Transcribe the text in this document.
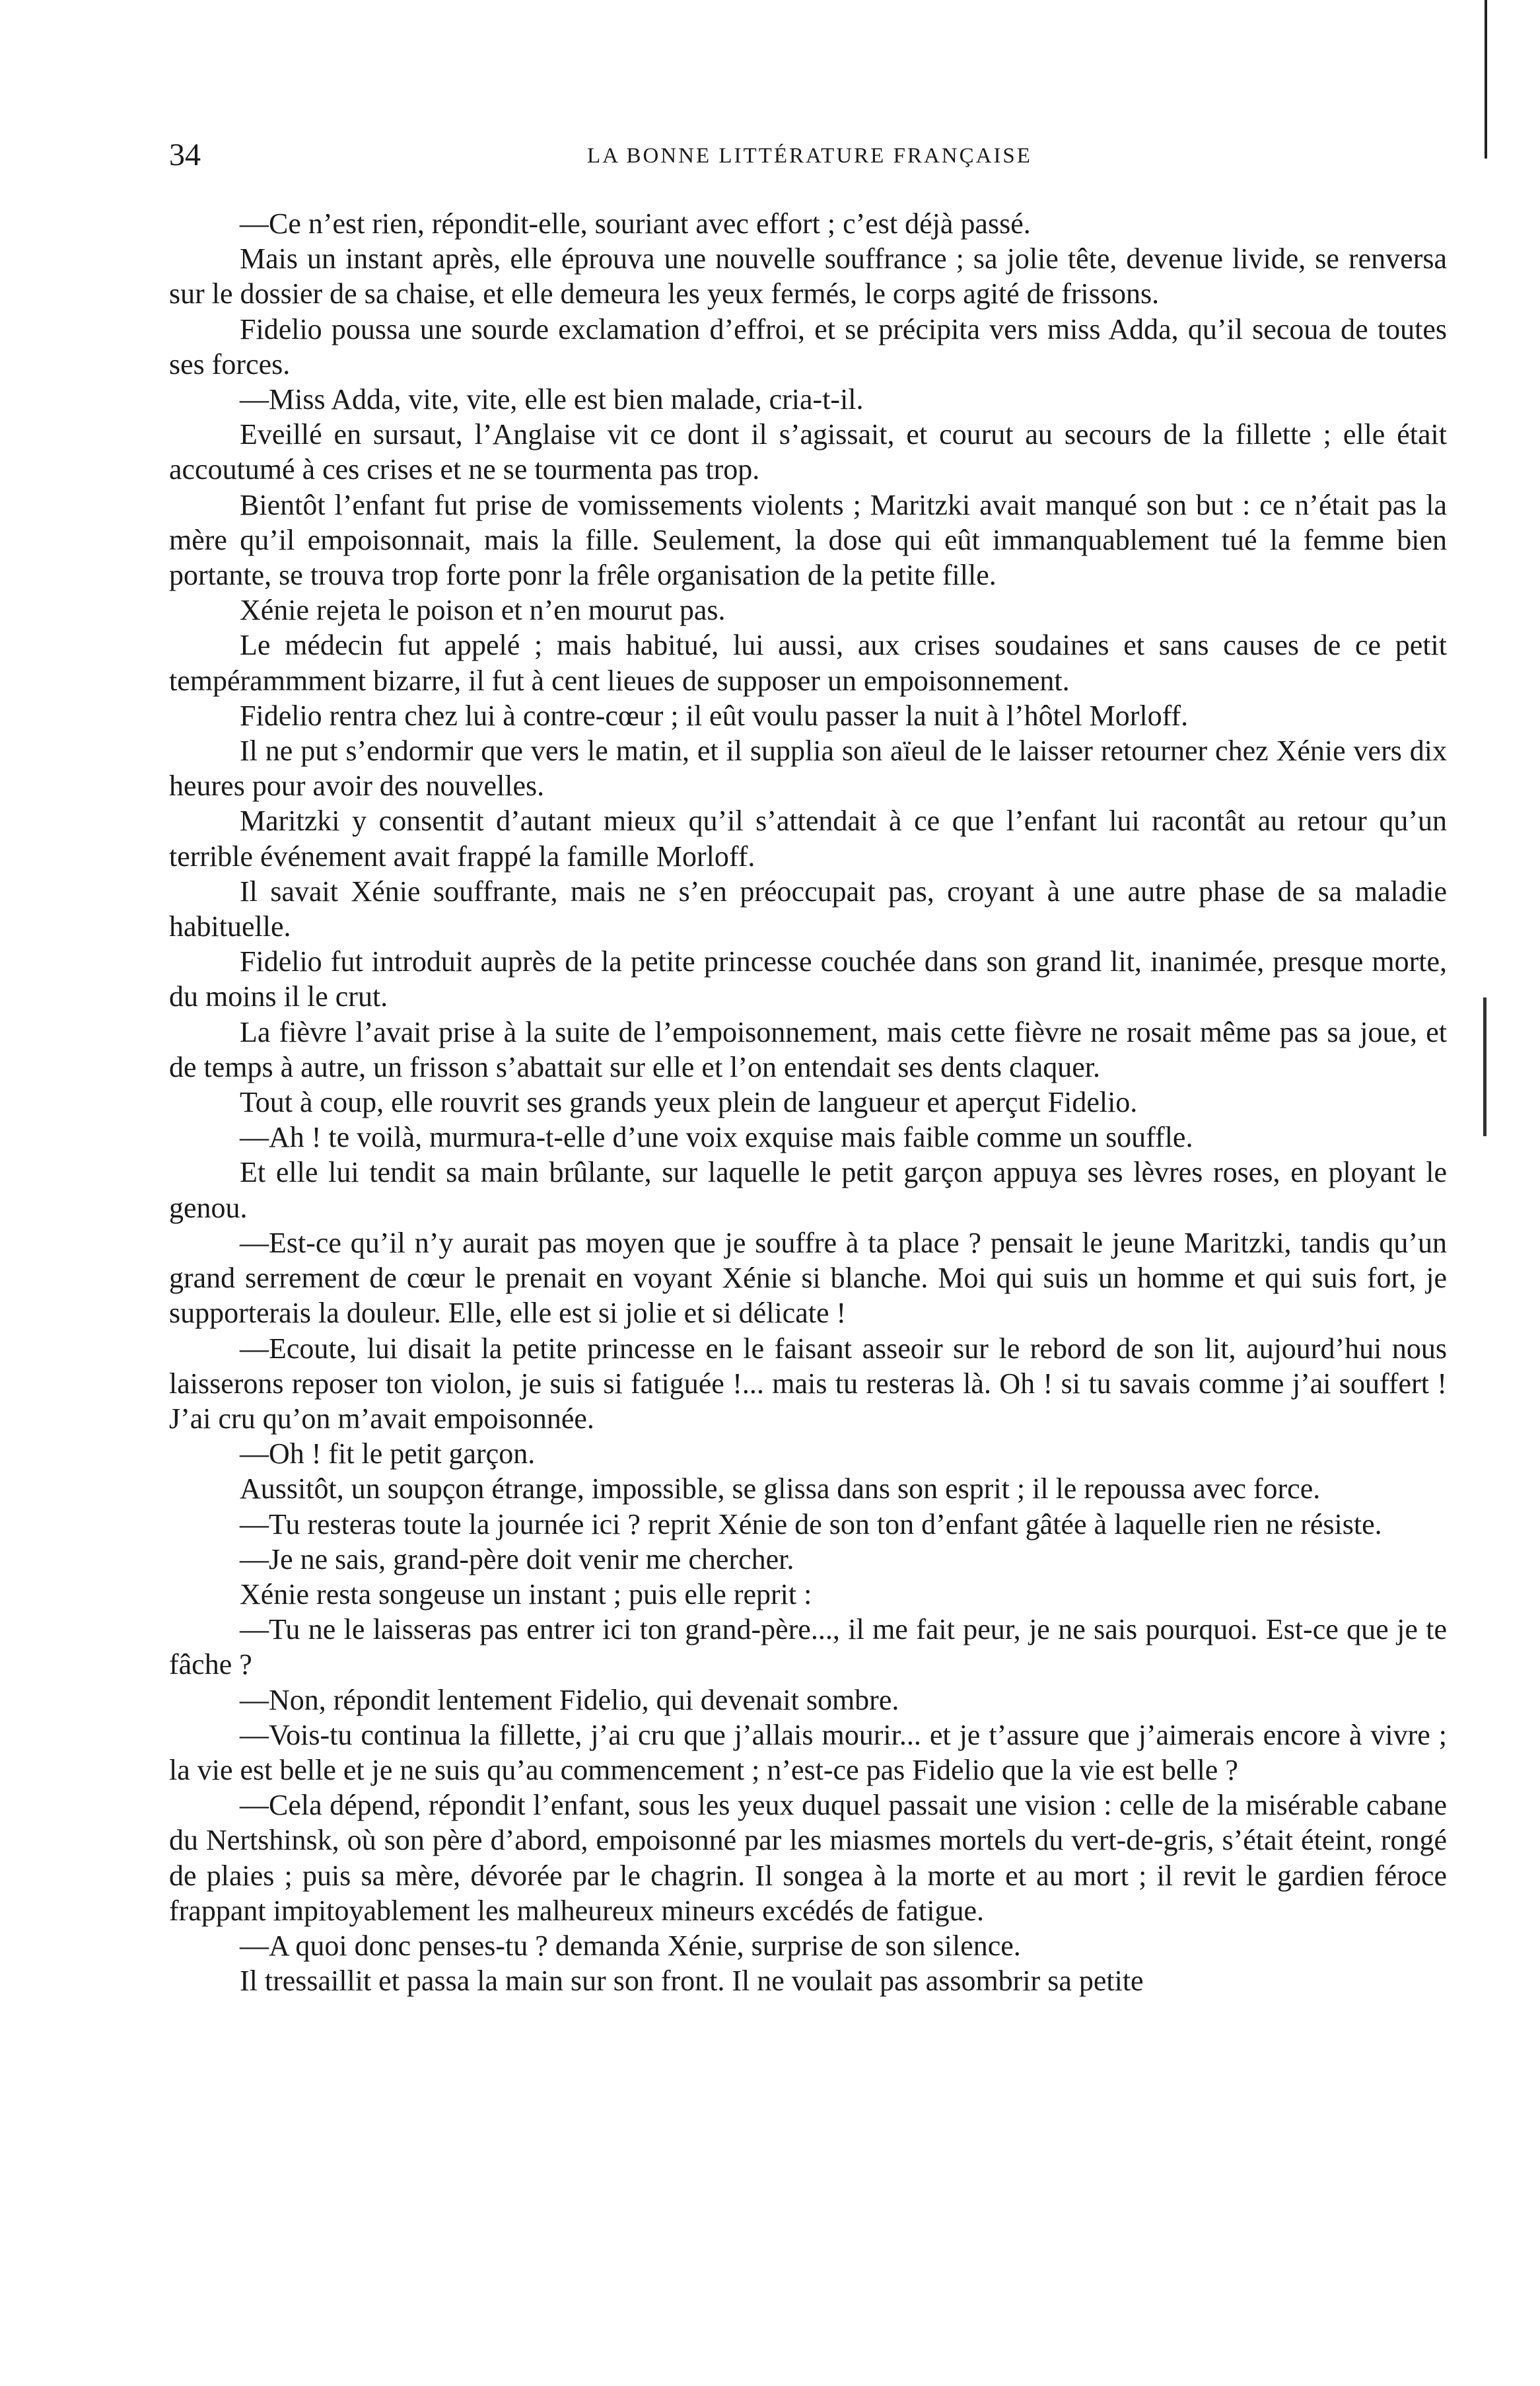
34	LA BONNE LITTÉRATURE FRANÇAISE

—Ce n’est rien, répondit-elle, souriant avec effort ; c’est déjà passé.

Mais un instant après, elle éprouva une nouvelle souffrance ; sa jolie tête, devenue livide, se renversa sur le dossier de sa chaise, et elle demeura les yeux fermés, le corps agité de frissons.

Fidelio poussa une sourde exclamation d’effroi, et se précipita vers miss Adda, qu’il secoua de toutes ses forces.

—Miss Adda, vite, vite, elle est bien malade, cria-t-il.

Eveillé en sursaut, l’Anglaise vit ce dont il s’agissait, et courut au secours de la fillette ; elle était accoutumé à ces crises et ne se tourmenta pas trop.

Bientôt l’enfant fut prise de vomissements violents ; Maritzki avait manqué son but : ce n’était pas la mère qu’il empoisonnait, mais la fille. Seulement, la dose qui eût immanquablement tué la femme bien portante, se trouva trop forte ponr la frêle organisation de la petite fille.

Xénie rejeta le poison et n’en mourut pas.

Le médecin fut appelé ; mais habitué, lui aussi, aux crises soudaines et sans causes de ce petit tempérammment bizarre, il fut à cent lieues de supposer un empoisonnement.

Fidelio rentra chez lui à contre-cœur ; il eût voulu passer la nuit à l’hôtel Morloff.

Il ne put s’endormir que vers le matin, et il supplia son aïeul de le laisser retourner chez Xénie vers dix heures pour avoir des nouvelles.

Maritzki y consentit d’autant mieux qu’il s’attendait à ce que l’enfant lui racontât au retour qu’un terrible événement avait frappé la famille Morloff.

Il savait Xénie souffrante, mais ne s’en préoccupait pas, croyant à une autre phase de sa maladie habituelle.

Fidelio fut introduit auprès de la petite princesse couchée dans son grand lit, inanimée, presque morte, du moins il le crut.

La fièvre l’avait prise à la suite de l’empoisonnement, mais cette fièvre ne rosait même pas sa joue, et de temps à autre, un frisson s’abattait sur elle et l’on entendait ses dents claquer.

Tout à coup, elle rouvrit ses grands yeux plein de langueur et aperçut Fidelio.

—Ah ! te voilà, murmura-t-elle d’une voix exquise mais faible comme un souffle.

Et elle lui tendit sa main brûlante, sur laquelle le petit garçon appuya ses lèvres roses, en ployant le genou.

—Est-ce qu’il n’y aurait pas moyen que je souffre à ta place ? pensait le jeune Maritzki, tandis qu’un grand serrement de cœur le prenait en voyant Xénie si blanche. Moi qui suis un homme et qui suis fort, je supporterais la douleur. Elle, elle est si jolie et si délicate !

—Ecoute, lui disait la petite princesse en le faisant asseoir sur le rebord de son lit, aujourd’hui nous laisserons reposer ton violon, je suis si fatiguée !... mais tu resteras là. Oh ! si tu savais comme j’ai souffert ! J’ai cru qu’on m’avait empoisonnée.

—Oh ! fit le petit garçon.

Aussitôt, un soupçon étrange, impossible, se glissa dans son esprit ; il le repoussa avec force.

—Tu resteras toute la journée ici ? reprit Xénie de son ton d’enfant gâtée à laquelle rien ne résiste.

—Je ne sais, grand-père doit venir me chercher.

Xénie resta songeuse un instant ; puis elle reprit :

—Tu ne le laisseras pas entrer ici ton grand-père..., il me fait peur, je ne sais pourquoi. Est-ce que je te fâche ?

—Non, répondit lentement Fidelio, qui devenait sombre.

—Vois-tu continua la fillette, j’ai cru que j’allais mourir... et je t’assure que j’aimerais encore à vivre ; la vie est belle et je ne suis qu’au commencement ; n’est-ce pas Fidelio que la vie est belle ?

—Cela dépend, répondit l’enfant, sous les yeux duquel passait une vision : celle de la misérable cabane du Nertshinsk, où son père d’abord, empoisonné par les miasmes mortels du vert-de-gris, s’était éteint, rongé de plaies ; puis sa mère, dévorée par le chagrin. Il songea à la morte et au mort ; il revit le gardien féroce frappant impitoyablement les malheureux mineurs excédés de fatigue.

—A quoi donc penses-tu ? demanda Xénie, surprise de son silence.

Il tressaillit et passa la main sur son front. Il ne voulait pas assombrir sa petite
